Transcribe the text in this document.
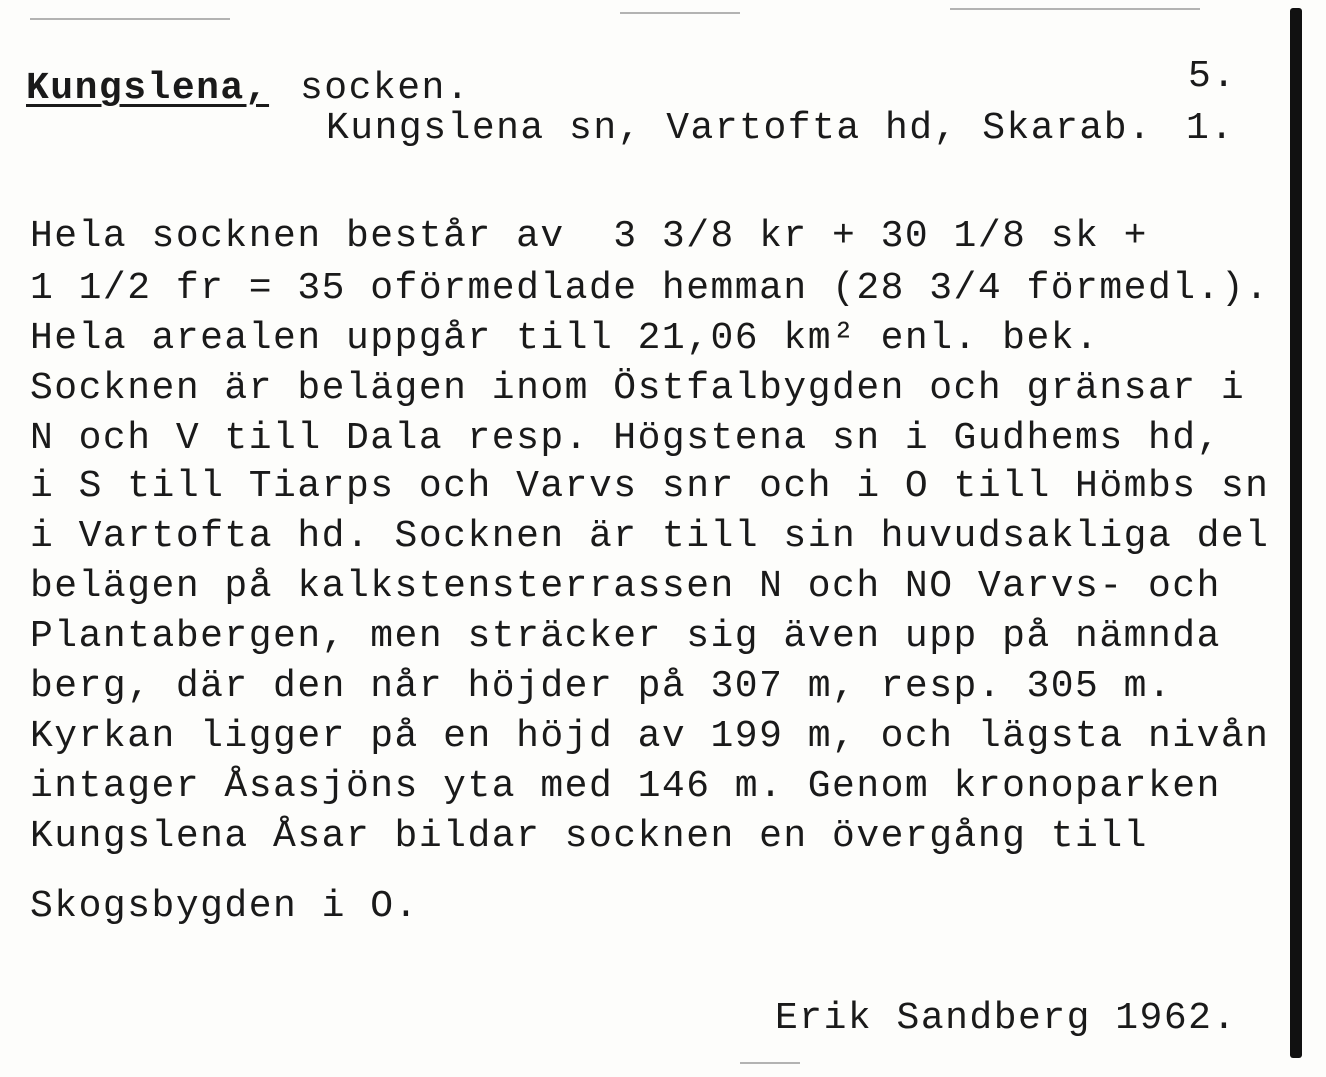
Kungslena, socken.	5.
Kungslena sn, Vartofta hd, Skarab. 1.
Hela socknen består av  3 3/8 kr + 30 1/8 sk +
1 1/2 fr = 35 oförmedlade hemman (28 3/4 förmedl.).
Hela arealen uppgår till 21,06 km² enl. bek.
Socknen är belägen inom Östfalbygden och gränsar i
N och V till Dala resp. Högstena sn i Gudhems hd,
i S till Tiarps och Varvs snr och i O till Hömbs sn
i Vartofta hd. Socknen är till sin huvudsakliga del
belägen på kalkstensterrassen N och NO Varvs- och
Plantabergen, men sträcker sig även upp på nämnda
berg, där den når höjder på 307 m, resp. 305 m.
Kyrkan ligger på en höjd av 199 m, och lägsta nivån
intager Åsasjöns yta med 146 m. Genom kronoparken
Kungslena Åsar bildar socknen en övergång till
Skogsbygden i O.
Erik Sandberg 1962.
